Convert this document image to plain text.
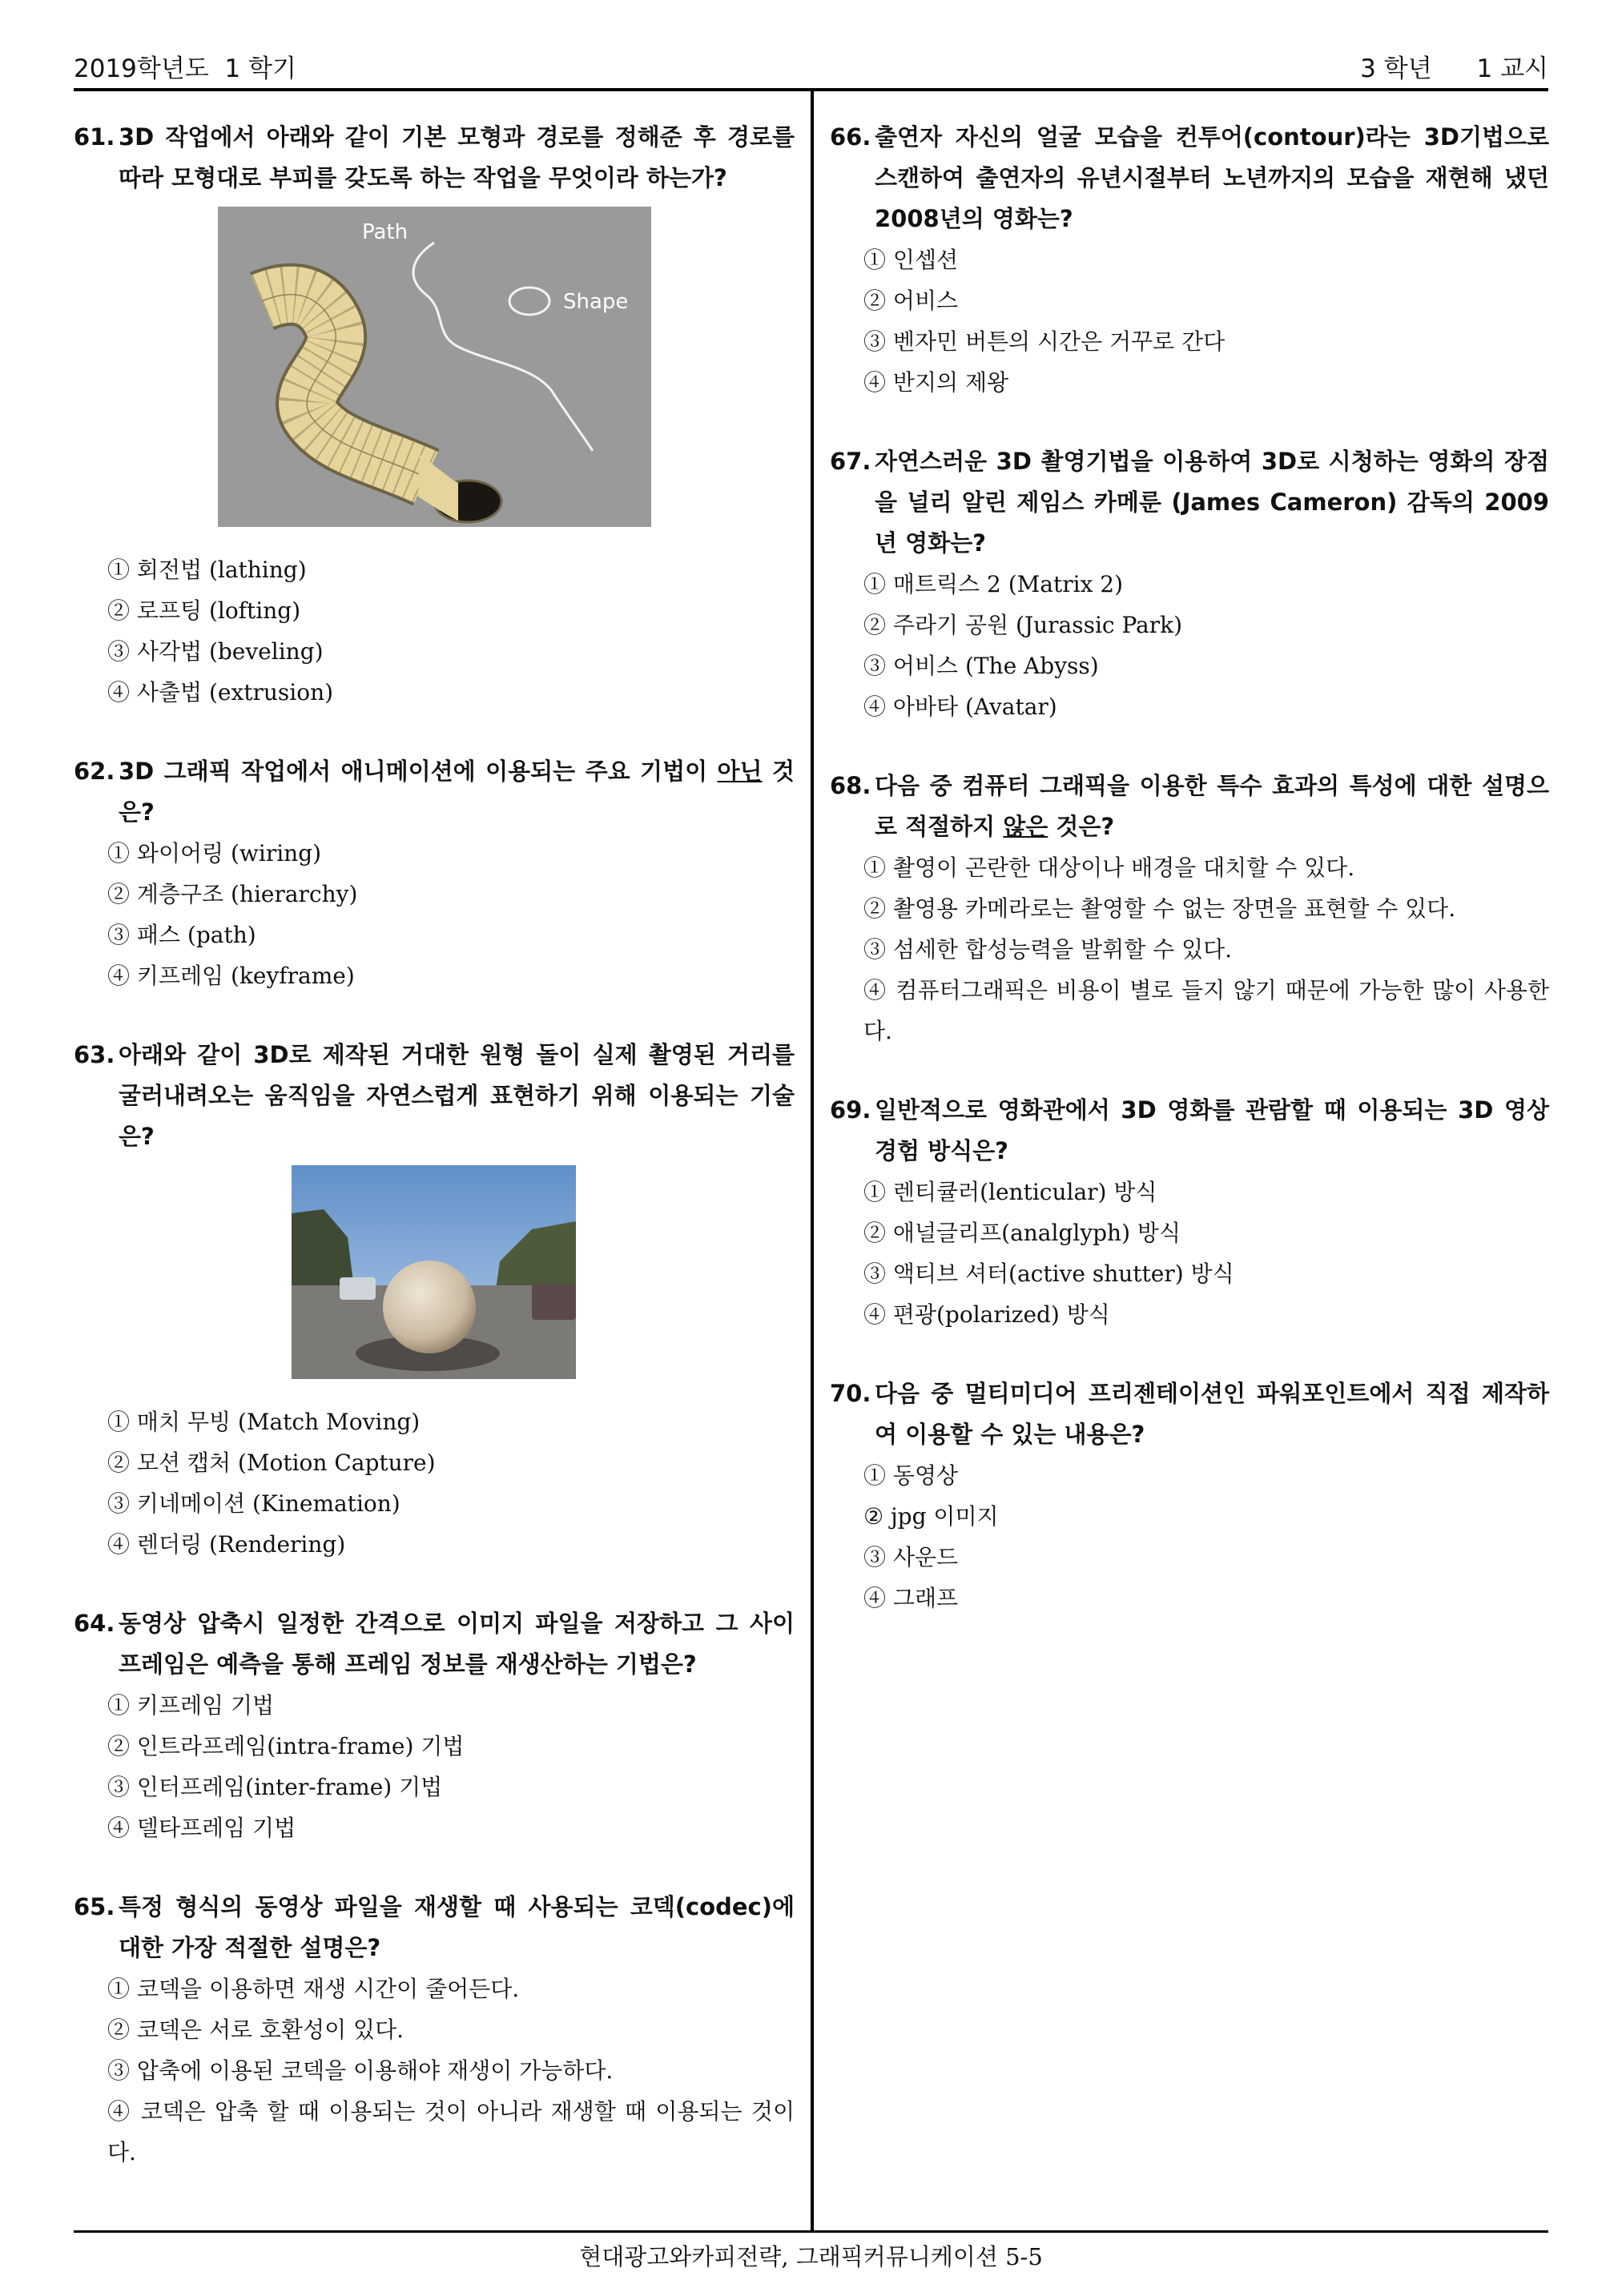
2019학년도  1 학기	3 학년 1 교시
61. 3D 작업에서 아래와 같이 기본 모형과 경로를 정해준 후 경로를 따라 모형대로 부피를 갖도록 하는 작업을 무엇이라 하는가?
Path
Shape
① 회전법 (lathing)
② 로프팅 (lofting)
③ 사각법 (beveling)
④ 사출법 (extrusion)
62. 3D 그래픽 작업에서 애니메이션에 이용되는 주요 기법이 아닌 것은?
① 와이어링 (wiring)
② 계층구조 (hierarchy)
③ 패스 (path)
④ 키프레임 (keyframe)
63. 아래와 같이 3D로 제작된 거대한 원형 돌이 실제 촬영된 거리를 굴러내려오는 움직임을 자연스럽게 표현하기 위해 이용되는 기술은?
① 매치 무빙 (Match Moving)
② 모션 캡처 (Motion Capture)
③ 키네메이션 (Kinemation)
④ 렌더링 (Rendering)
64. 동영상 압축시 일정한 간격으로 이미지 파일을 저장하고 그 사이 프레임은 예측을 통해 프레임 정보를 재생산하는 기법은?
① 키프레임 기법
② 인트라프레임(intra-frame) 기법
③ 인터프레임(inter-frame) 기법
④ 델타프레임 기법
65. 특정 형식의 동영상 파일을 재생할 때 사용되는 코덱(codec)에 대한 가장 적절한 설명은?
① 코덱을 이용하면 재생 시간이 줄어든다.
② 코덱은 서로 호환성이 있다.
③ 압축에 이용된 코덱을 이용해야 재생이 가능하다.
④ 코덱은 압축 할 때 이용되는 것이 아니라 재생할 때 이용되는 것이다.
66. 출연자 자신의 얼굴 모습을 컨투어(contour)라는 3D기법으로 스캔하여 출연자의 유년시절부터 노년까지의 모습을 재현해 냈던 2008년의 영화는?
① 인셉션
② 어비스
③ 벤자민 버튼의 시간은 거꾸로 간다
④ 반지의 제왕
67. 자연스러운 3D 촬영기법을 이용하여 3D로 시청하는 영화의 장점을 널리 알린 제임스 카메룬 (James Cameron) 감독의 2009년 영화는?
① 매트릭스 2 (Matrix 2)
② 주라기 공원 (Jurassic Park)
③ 어비스 (The Abyss)
④ 아바타 (Avatar)
68. 다음 중 컴퓨터 그래픽을 이용한 특수 효과의 특성에 대한 설명으로 적절하지 않은 것은?
① 촬영이 곤란한 대상이나 배경을 대치할 수 있다.
② 촬영용 카메라로는 촬영할 수 없는 장면을 표현할 수 있다.
③ 섬세한 합성능력을 발휘할 수 있다.
④ 컴퓨터그래픽은 비용이 별로 들지 않기 때문에 가능한 많이 사용한다.
69. 일반적으로 영화관에서 3D 영화를 관람할 때 이용되는 3D 영상 경험 방식은?
① 렌티큘러(lenticular) 방식
② 애널글리프(analglyph) 방식
③ 액티브 셔터(active shutter) 방식
④ 편광(polarized) 방식
70. 다음 중 멀티미디어 프리젠테이션인 파워포인트에서 직접 제작하여 이용할 수 있는 내용은?
① 동영상
② jpg 이미지
③ 사운드
④ 그래프
현대광고와카피전략, 그래픽커뮤니케이션 5-5
